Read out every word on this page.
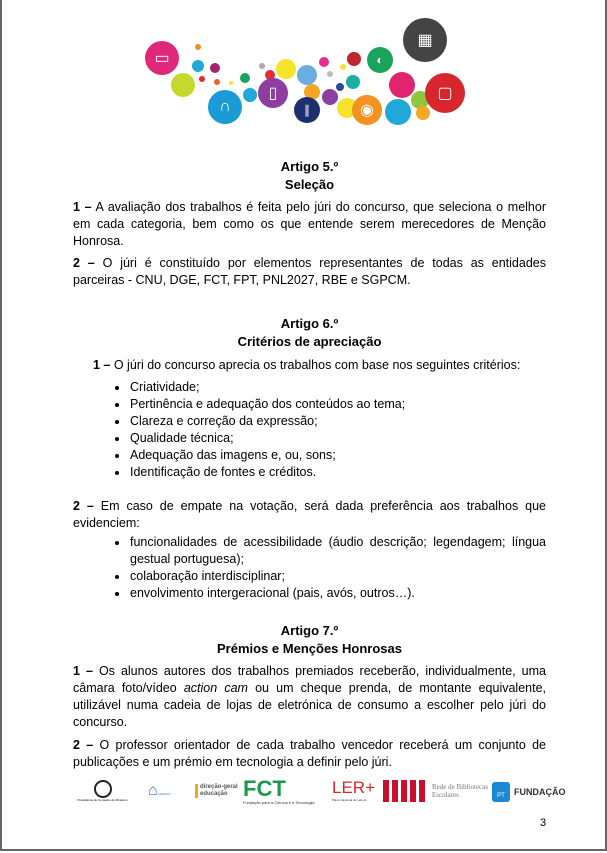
▭
∩
▯
∥	◉
◐
▦
▢
Artigo 5.º
Seleção
1 – A avaliação dos trabalhos é feita pelo júri do concurso, que seleciona o melhor em cada categoria, bem como os que entende serem merecedores de Menção Honrosa.
2 – O júri é constituído por elementos representantes de todas as entidades parceiras - CNU, DGE, FCT, FPT, PNL2027, RBE e SGPCM.
Artigo 6.º
Critérios de apreciação
1 – O júri do concurso aprecia os trabalhos com base nos seguintes critérios:
Criatividade;
Pertinência e adequação dos conteúdos ao tema;
Clareza e correção da expressão;
Qualidade técnica;
Adequação das imagens e, ou, sons;
Identificação de fontes e créditos.
2 – Em caso de empate na votação, será dada preferência aos trabalhos que evidenciem:
funcionalidades de acessibilidade (áudio descrição; legendagem; língua gestual portuguesa);
colaboração interdisciplinar;
envolvimento intergeracional (pais, avós, outros…).
Artigo 7.º
Prémios e Menções Honrosas
1 – Os alunos autores dos trabalhos premiados receberão, individualmente, uma câmara foto/vídeo action cam ou um cheque prenda, de montante equivalente, utilizável numa cadeia de lojas de eletrónica de consumo a escolher pelo júri do concurso.
2 – O professor orientador de cada trabalho vencedor receberá um conjunto de publicações e um prémio em tecnologia a definir pelo júri.
Presidência do Conselho de Ministros
⌂UNESCO
direção-geral educação FCT
Fundação para a Ciência e a Tecnologia
LER+
Plano Nacional de Leitura
Rede de Bibliotecas Escolares	PT	FUNDAÇÃO
3
